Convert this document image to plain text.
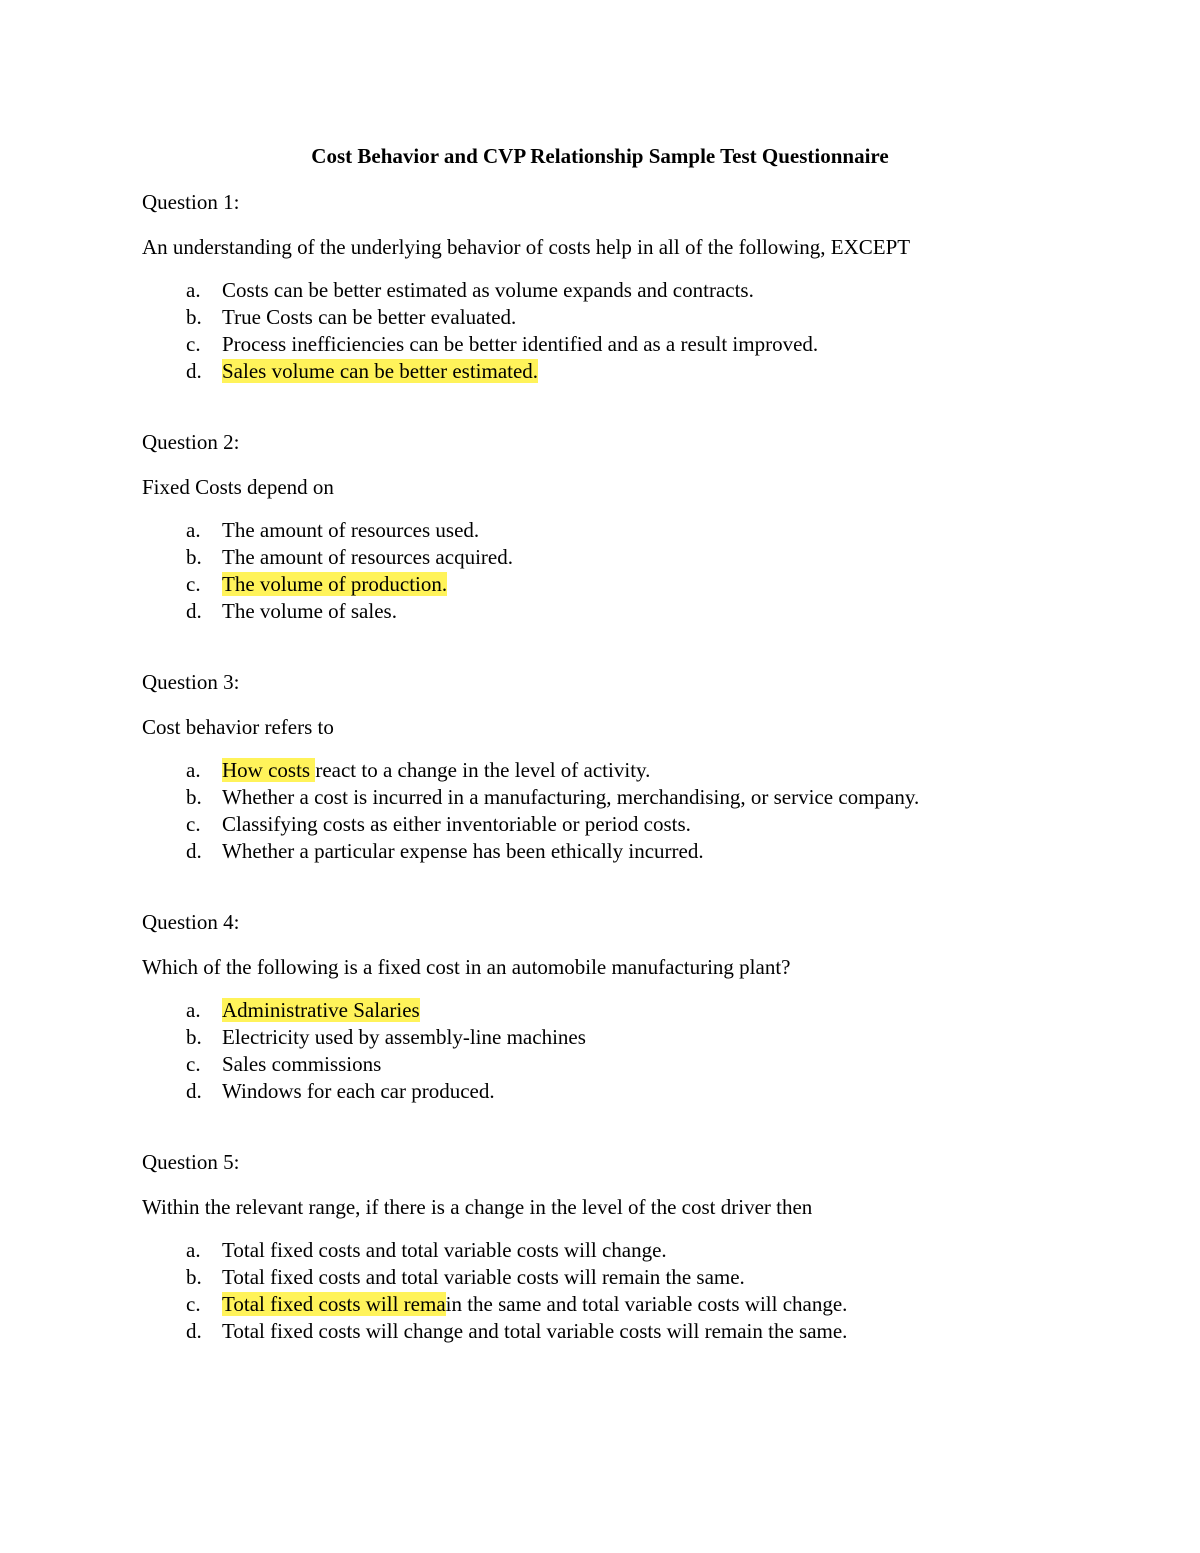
Cost Behavior and CVP Relationship Sample Test Questionnaire
Question 1:
An understanding of the underlying behavior of costs help in all of the following, EXCEPT
a. Costs can be better estimated as volume expands and contracts.
b. True Costs can be better evaluated.
c. Process inefficiencies can be better identified and as a result improved.
d. Sales volume can be better estimated.
Question 2:
Fixed Costs depend on
a. The amount of resources used.
b. The amount of resources acquired.
c. The volume of production.
d. The volume of sales.
Question 3:
Cost behavior refers to
a. How costs react to a change in the level of activity.
b. Whether a cost is incurred in a manufacturing, merchandising, or service company.
c. Classifying costs as either inventoriable or period costs.
d. Whether a particular expense has been ethically incurred.
Question 4:
Which of the following is a fixed cost in an automobile manufacturing plant?
a. Administrative Salaries
b. Electricity used by assembly-line machines
c. Sales commissions
d. Windows for each car produced.
Question 5:
Within the relevant range, if there is a change in the level of the cost driver then
a. Total fixed costs and total variable costs will change.
b. Total fixed costs and total variable costs will remain the same.
c. Total fixed costs will remain the same and total variable costs will change.
d. Total fixed costs will change and total variable costs will remain the same.
